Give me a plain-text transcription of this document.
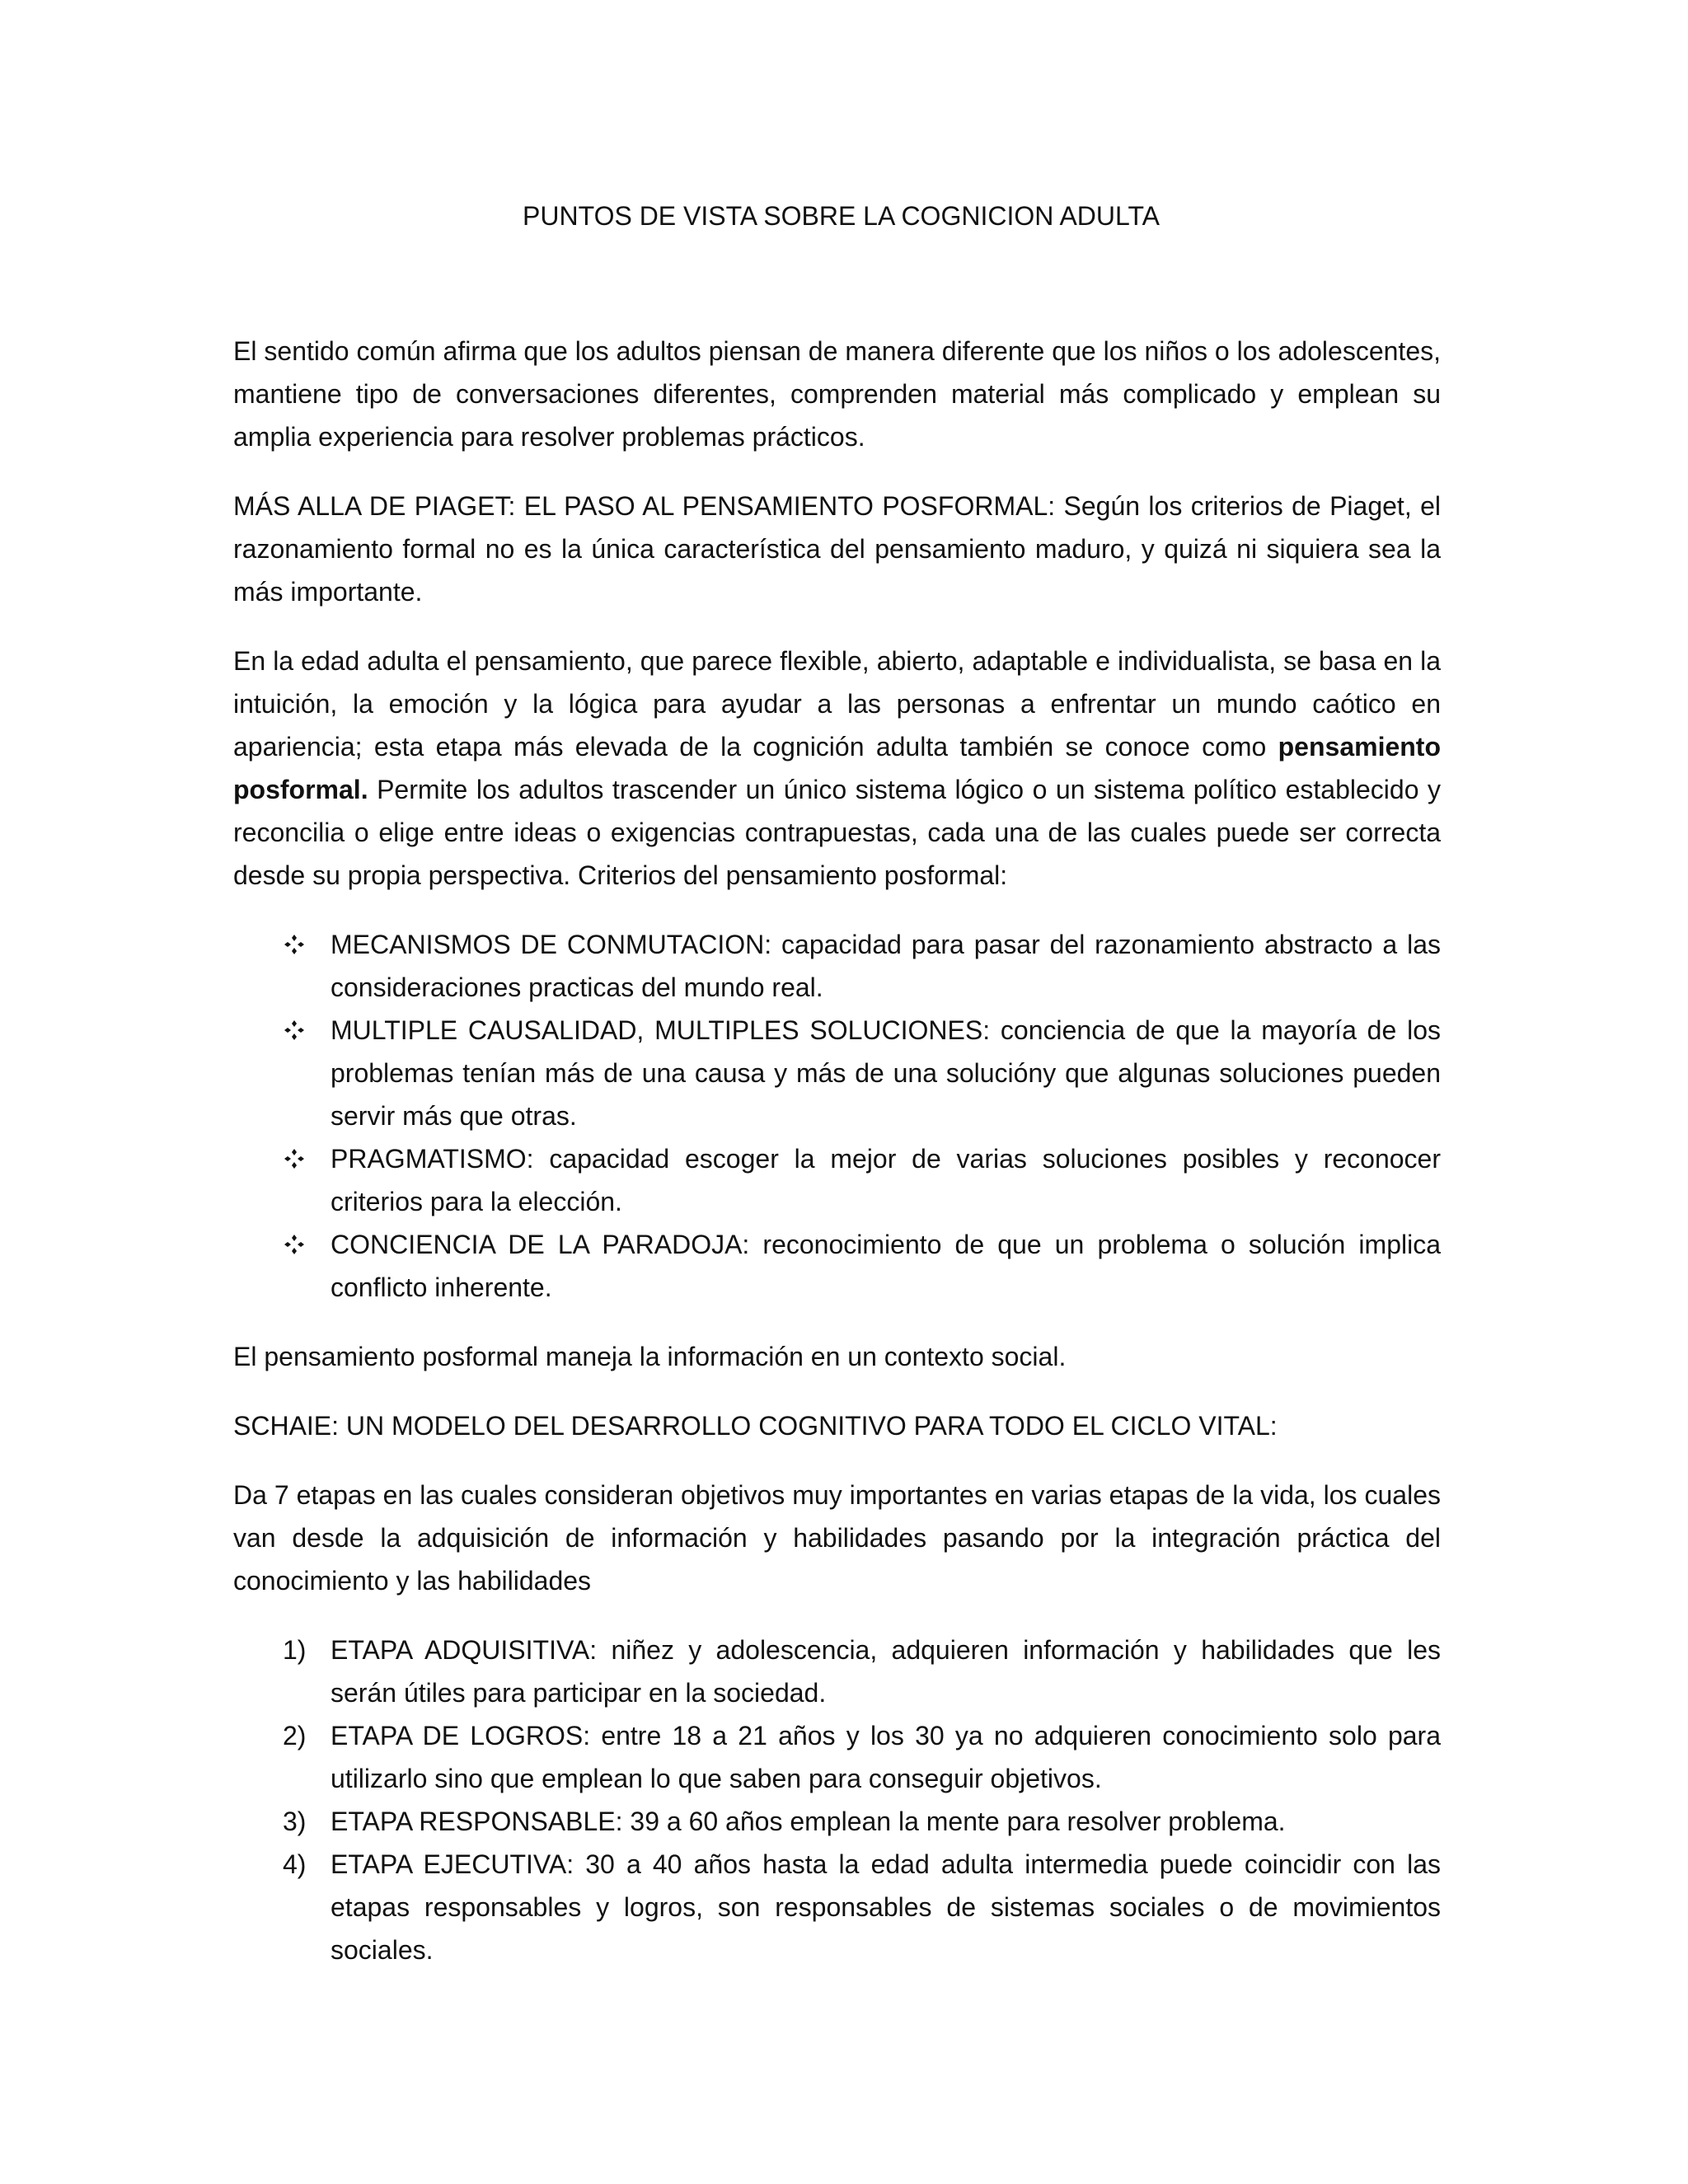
PUNTOS DE VISTA SOBRE LA COGNICION ADULTA

El sentido común afirma que los adultos piensan de manera diferente que los niños o los adolescentes, mantiene tipo de conversaciones diferentes, comprenden material más complicado y emplean su amplia experiencia para resolver problemas prácticos.

MÁS ALLA DE PIAGET: EL PASO AL PENSAMIENTO POSFORMAL: Según los criterios de Piaget, el razonamiento formal no es la única característica del pensamiento maduro, y quizá ni siquiera sea la más importante.

En la edad adulta el pensamiento, que parece flexible, abierto, adaptable e individualista, se basa en la intuición, la emoción y la lógica para ayudar a las personas a enfrentar un mundo caótico en apariencia; esta etapa más elevada de la cognición adulta también se conoce como pensamiento posformal. Permite los adultos trascender un único sistema lógico o un sistema político establecido y reconcilia o elige entre ideas o exigencias contrapuestas, cada una de las cuales puede ser correcta desde su propia perspectiva. Criterios del pensamiento posformal:

MECANISMOS DE CONMUTACION: capacidad para pasar del razonamiento abstracto a las consideraciones practicas del mundo real.
MULTIPLE CAUSALIDAD, MULTIPLES SOLUCIONES: conciencia de que la mayoría de los problemas tenían más de una causa y más de una solucióny que algunas soluciones pueden servir más que otras.
PRAGMATISMO: capacidad escoger la mejor de varias soluciones posibles y reconocer criterios para la elección.
CONCIENCIA DE LA PARADOJA: reconocimiento de que un problema o solución implica conflicto inherente.

El pensamiento posformal maneja la información en un contexto social.

SCHAIE: UN MODELO DEL DESARROLLO COGNITIVO PARA TODO EL CICLO VITAL:

Da 7 etapas en las cuales consideran objetivos muy importantes en varias etapas de la vida, los cuales van desde la adquisición de información y habilidades pasando por la integración práctica del conocimiento y las habilidades

1) ETAPA ADQUISITIVA: niñez y adolescencia, adquieren información y habilidades que les serán útiles para participar en la sociedad.
2) ETAPA DE LOGROS: entre 18 a 21 años y los 30 ya no adquieren conocimiento solo para utilizarlo sino que emplean lo que saben para conseguir objetivos.
3) ETAPA RESPONSABLE: 39 a 60 años emplean la mente para resolver problema.
4) ETAPA EJECUTIVA: 30 a 40 años hasta la edad adulta intermedia puede coincidir con las etapas responsables y logros, son responsables de sistemas sociales o de movimientos sociales.
